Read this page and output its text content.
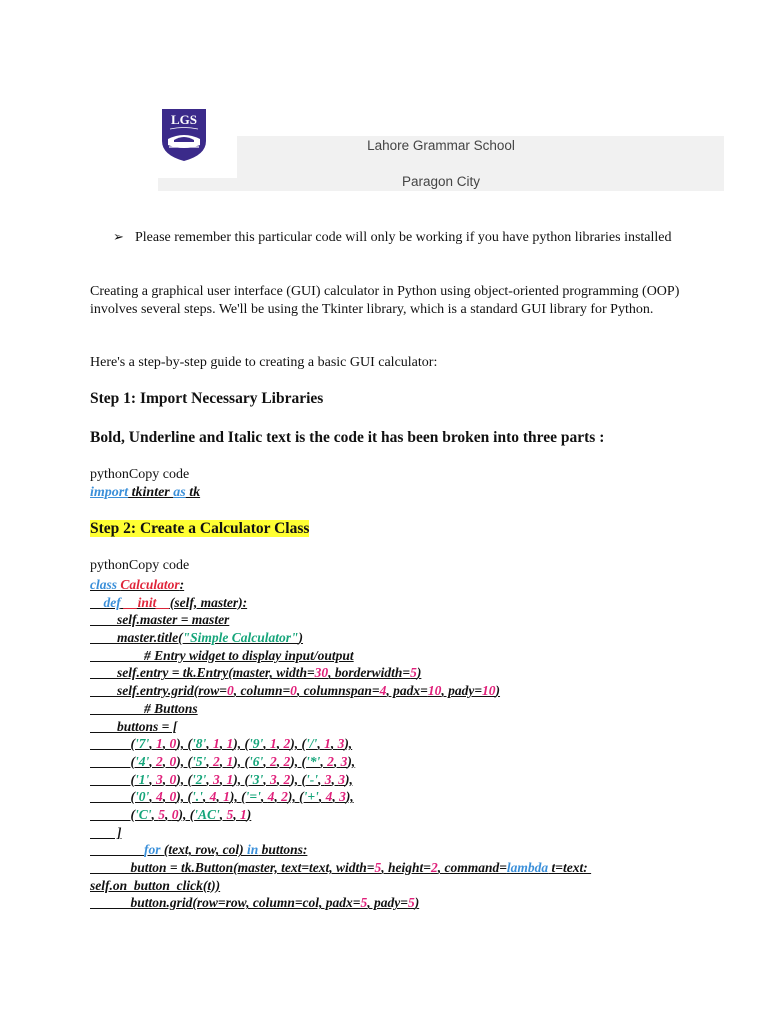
LGS
Lahore Grammar School
Paragon City
➢ Please remember this particular code will only be working if you have python libraries installed
Creating a graphical user interface (GUI) calculator in Python using object-oriented programming (OOP) involves several steps. We'll be using the Tkinter library, which is a standard GUI library for Python.
Here's a step-by-step guide to creating a basic GUI calculator:
Step 1: Import Necessary Libraries
Bold, Underline and Italic text is the code it has been broken into three parts :
pythonCopy code
import tkinter as tk
Step 2: Create a Calculator Class
pythonCopy code
class Calculator:
def __init__(self, master):
self.master = master
master.title("Simple Calculator")
# Entry widget to display input/output
self.entry = tk.Entry(master, width=30, borderwidth=5)
self.entry.grid(row=0, column=0, columnspan=4, padx=10, pady=10)
# Buttons
buttons = [
('7', 1, 0), ('8', 1, 1), ('9', 1, 2), ('/', 1, 3),
('4', 2, 0), ('5', 2, 1), ('6', 2, 2), ('*', 2, 3),
('1', 3, 0), ('2', 3, 1), ('3', 3, 2), ('-', 3, 3),
('0', 4, 0), ('.', 4, 1), ('=', 4, 2), ('+', 4, 3),
('C', 5, 0), ('AC', 5, 1)
]
for (text, row, col) in buttons:
button = tk.Button(master, text=text, width=5, height=2, command=lambda t=text:
self.on_button_click(t))
button.grid(row=row, column=col, padx=5, pady=5)
